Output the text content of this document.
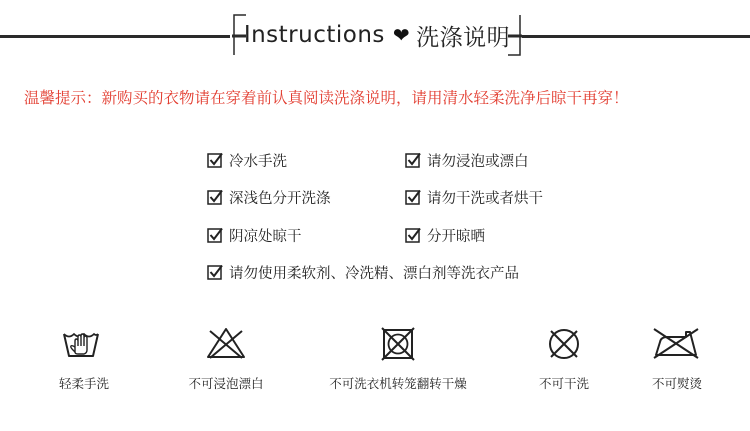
Instructions ❤ 洗涤说明
温馨提示：新购买的衣物请在穿着前认真阅读洗涤说明，请用清水轻柔洗净后晾干再穿！
冷水手洗	请勿浸泡或漂白
深浅色分开洗涤	请勿干洗或者烘干
阴凉处晾干	分开晾晒
请勿使用柔软剂、冷洗精、漂白剂等洗衣产品
轻柔手洗	不可浸泡漂白	不可洗衣机转笼翻转干燥	不可干洗	不可熨烫
